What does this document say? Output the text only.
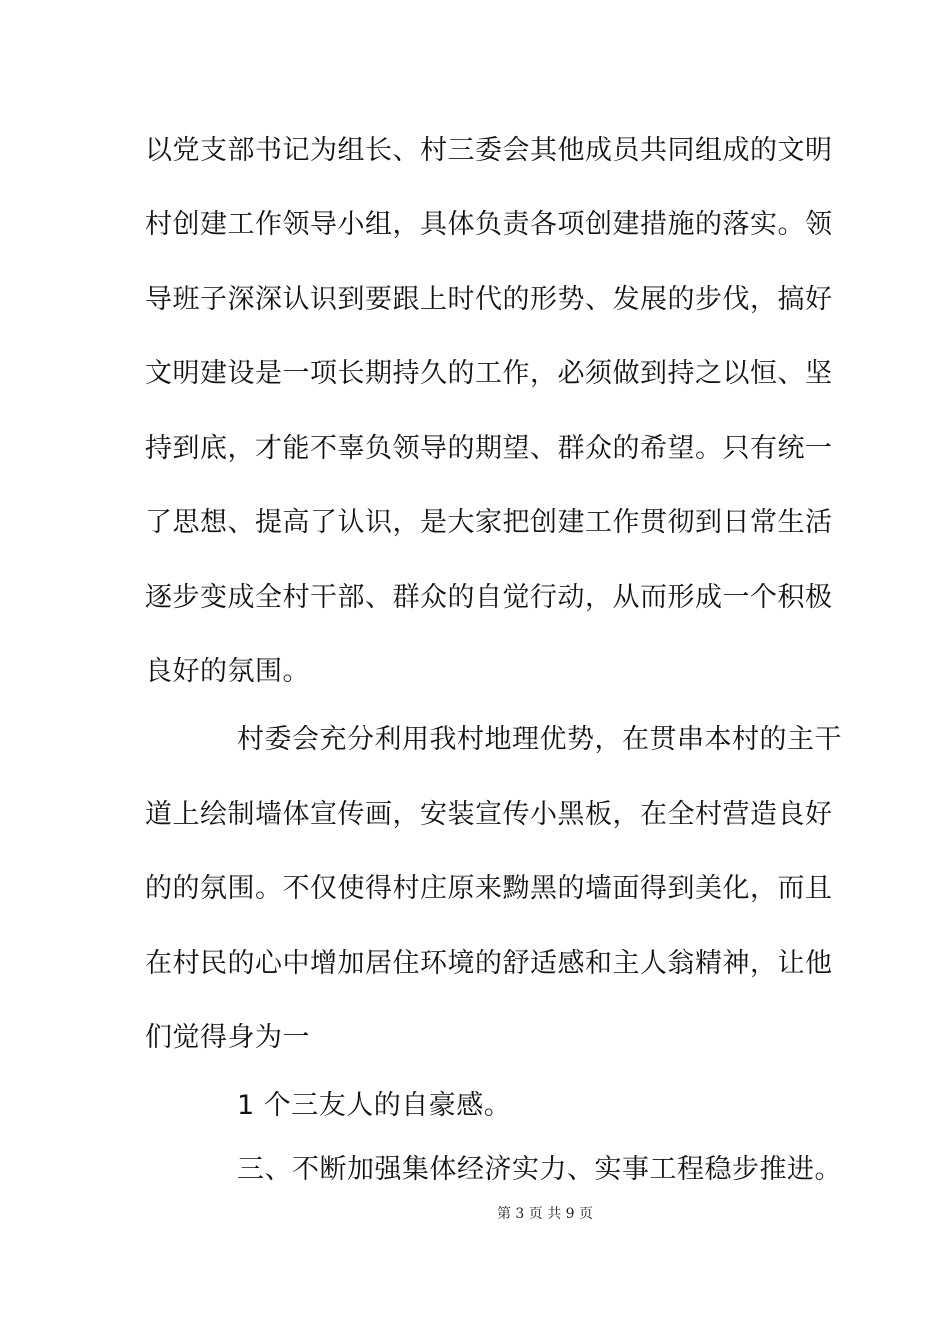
以党支部书记为组长、村三委会其他成员共同组成的文明
村创建工作领导小组，具体负责各项创建措施的落实。领
导班子深深认识到要跟上时代的形势、发展的步伐，搞好
文明建设是一项长期持久的工作，必须做到持之以恒、坚
持到底，才能不辜负领导的期望、群众的希望。只有统一
了思想、提高了认识，是大家把创建工作贯彻到日常生活
逐步变成全村干部、群众的自觉行动，从而形成一个积极
良好的氛围。
村委会充分利用我村地理优势，在贯串本村的主干
道上绘制墙体宣传画，安装宣传小黑板，在全村营造良好
的的氛围。不仅使得村庄原来黝黑的墙面得到美化，而且
在村民的心中增加居住环境的舒适感和主人翁精神，让他
们觉得身为一
1 个三友人的自豪感。
三、不断加强集体经济实力、实事工程稳步推进。
第 3 页 共 9 页
